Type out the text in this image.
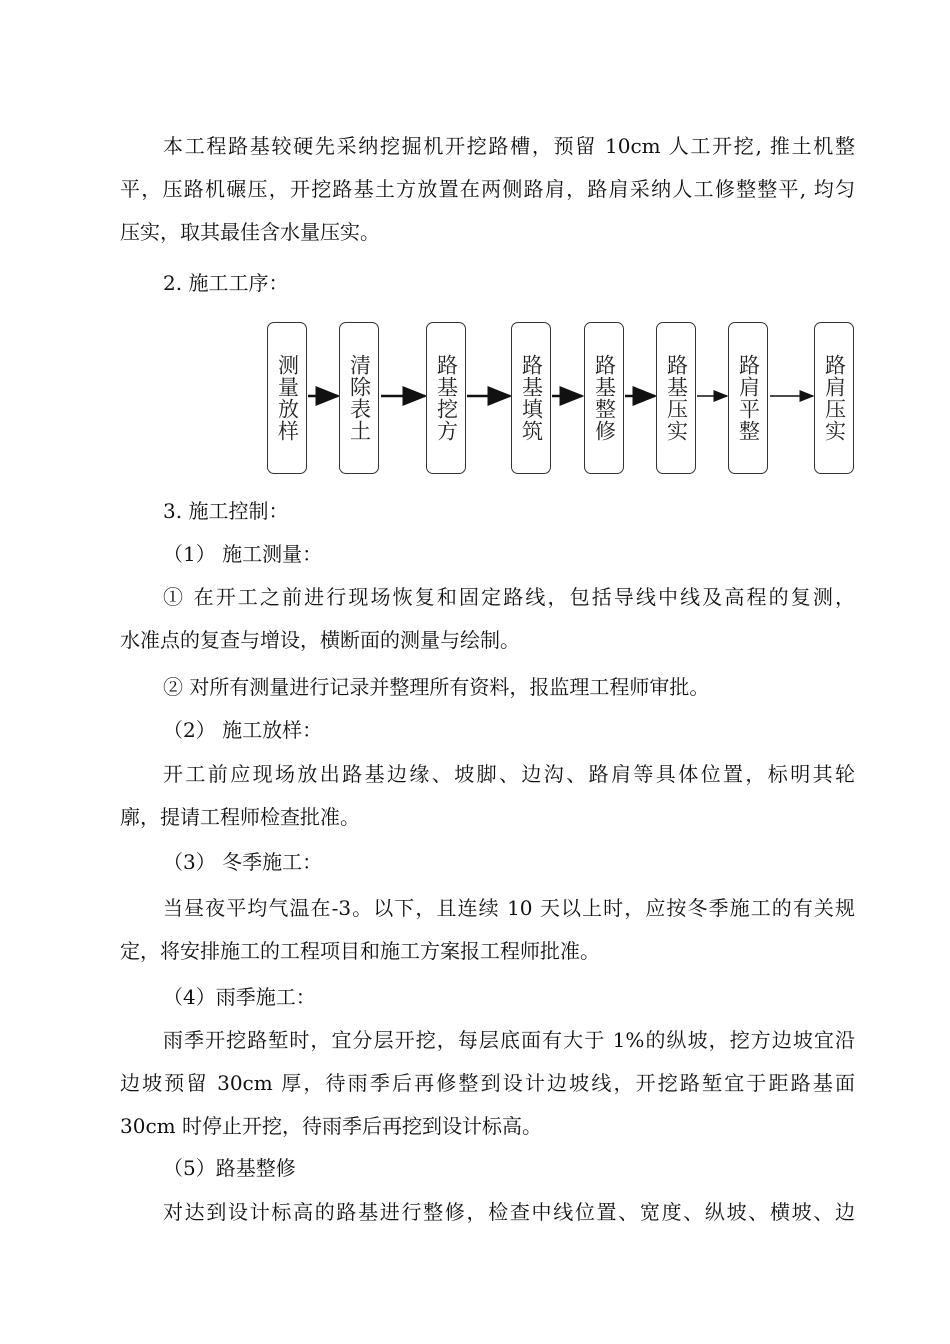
本工程路基较硬先采纳挖掘机开挖路槽，预留 10cm 人工开挖, 推土机整
平，压路机碾压，开挖路基土方放置在两侧路肩，路肩采纳人工修整整平, 均匀
压实，取其最佳含水量压实。
2. 施工工序：
测量放样 清除表土	路基挖方	路基填筑 路基整修 路基压实 路肩平整	路肩压实
3. 施工控制：
（1） 施工测量：
① 在开工之前进行现场恢复和固定路线，包括导线中线及高程的复测，
水准点的复查与增设，横断面的测量与绘制。
② 对所有测量进行记录并整理所有资料，报监理工程师审批。
（2） 施工放样：
开工前应现场放出路基边缘、坡脚、边沟、路肩等具体位置，标明其轮
廓，提请工程师检查批准。
（3） 冬季施工：
当昼夜平均气温在-3。以下，且连续 10 天以上时，应按冬季施工的有关规
定，将安排施工的工程项目和施工方案报工程师批准。
（4）雨季施工：
雨季开挖路堑时，宜分层开挖，每层底面有大于 1%的纵坡，挖方边坡宜沿
边坡预留 30cm 厚，待雨季后再修整到设计边坡线，开挖路堑宜于距路基面
30cm 时停止开挖，待雨季后再挖到设计标高。
（5）路基整修
对达到设计标高的路基进行整修，检查中线位置、宽度、纵坡、横坡、边
